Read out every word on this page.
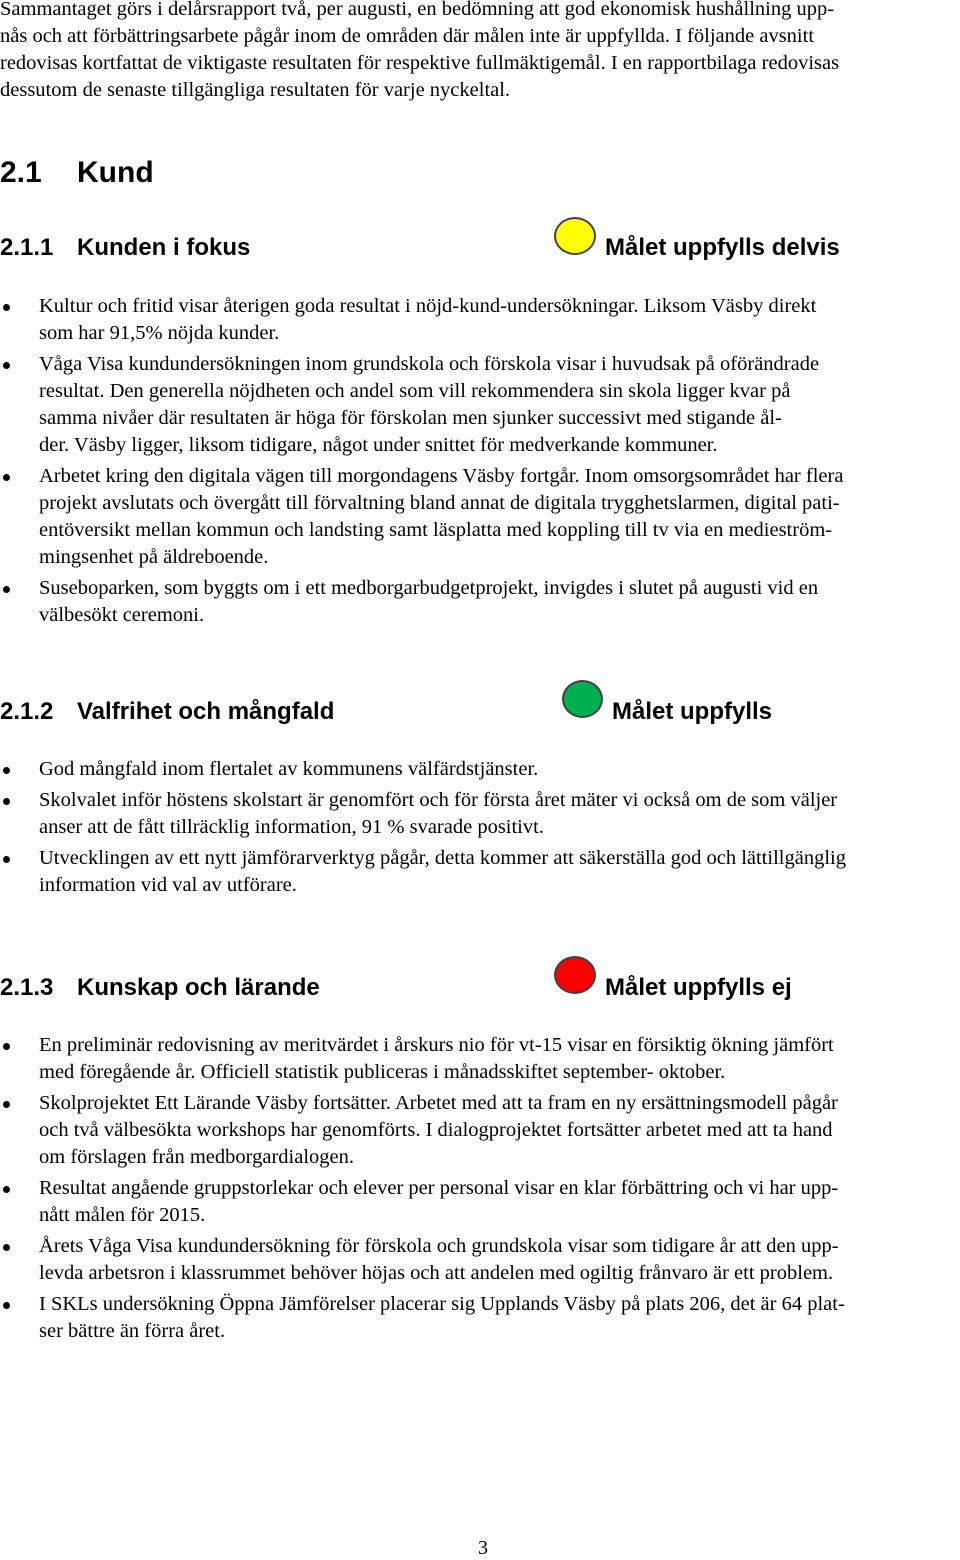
Sammantaget görs i delårsrapport två, per augusti, en bedömning att god ekonomisk hushållning upp-
nås och att förbättringsarbete pågår inom de områden där målen inte är uppfyllda. I följande avsnitt
redovisas kortfattat de viktigaste resultaten för respektive fullmäktigemål. I en rapportbilaga redovisas
dessutom de senaste tillgängliga resultaten för varje nyckeltal.
2.1 Kund
2.1.1 Kunden i fokus	Målet uppfylls delvis
Kultur och fritid visar återigen goda resultat i nöjd-kund-undersökningar. Liksom Väsby direkt
som har 91,5% nöjda kunder.
Våga Visa kundundersökningen inom grundskola och förskola visar i huvudsak på oförändrade
resultat. Den generella nöjdheten och andel som vill rekommendera sin skola ligger kvar på
samma nivåer där resultaten är höga för förskolan men sjunker successivt med stigande ål-
der. Väsby ligger, liksom tidigare, något under snittet för medverkande kommuner.
Arbetet kring den digitala vägen till morgondagens Väsby fortgår. Inom omsorgsområdet har flera
projekt avslutats och övergått till förvaltning bland annat de digitala trygghetslarmen, digital pati-
entöversikt mellan kommun och landsting samt läsplatta med koppling till tv via en medieström-
mingsenhet på äldreboende.
Suseboparken, som byggts om i ett medborgarbudgetprojekt, invigdes i slutet på augusti vid en
välbesökt ceremoni.
2.1.2 Valfrihet och mångfald	Målet uppfylls
God mångfald inom flertalet av kommunens välfärdstjänster.
Skolvalet inför höstens skolstart är genomfört och för första året mäter vi också om de som väljer
anser att de fått tillräcklig information, 91 % svarade positivt.
Utvecklingen av ett nytt jämförarverktyg pågår, detta kommer att säkerställa god och lättillgänglig
information vid val av utförare.
2.1.3 Kunskap och lärande	Målet uppfylls ej
En preliminär redovisning av meritvärdet i årskurs nio för vt-15 visar en försiktig ökning jämfört
med föregående år. Officiell statistik publiceras i månadsskiftet september- oktober.
Skolprojektet Ett Lärande Väsby fortsätter. Arbetet med att ta fram en ny ersättningsmodell pågår
och två välbesökta workshops har genomförts. I dialogprojektet fortsätter arbetet med att ta hand
om förslagen från medborgardialogen.
Resultat angående gruppstorlekar och elever per personal visar en klar förbättring och vi har upp-
nått målen för 2015.
Årets Våga Visa kundundersökning för förskola och grundskola visar som tidigare år att den upp-
levda arbetsron i klassrummet behöver höjas och att andelen med ogiltig frånvaro är ett problem.
I SKLs undersökning Öppna Jämförelser placerar sig Upplands Väsby på plats 206, det är 64 plat-
ser bättre än förra året.
3
